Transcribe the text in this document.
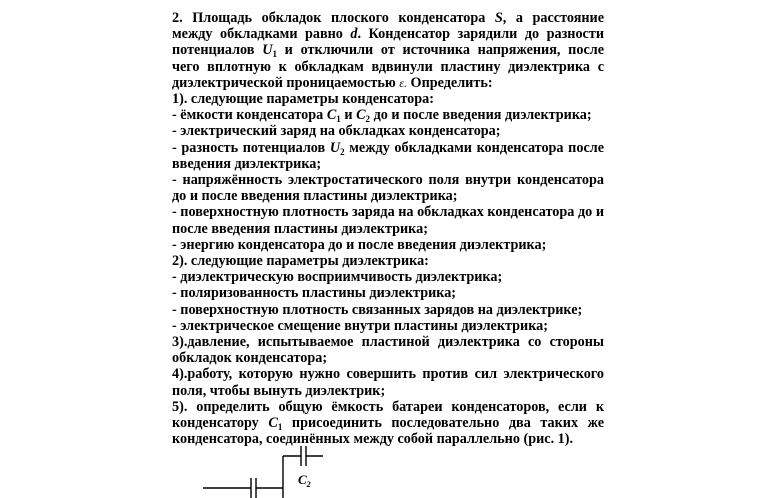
2. Площадь обкладок плоского конденсатора S, а расстояние между обкладками равно d. Конденсатор зарядили до разности потенциалов $U_1$ и отключили от источника напряжения, после чего вплотную к обкладкам вдвинули пластину диэлектрика с диэлектрической проницаемостью ε. Определить:

1). следующие параметры конденсатора:

- ёмкости конденсатора $C_1$ и $C_2$ до и после введения диэлектрика;

- электрический заряд на обкладках конденсатора;

- разность потенциалов $U_2$ между обкладками конденсатора после введения диэлектрика;

- напряжённость электростатического поля внутри конденсатора до и после введения пластины диэлектрика;

- поверхностную плотность заряда на обкладках конденсатора до и после введения пластины диэлектрика;

- энергию конденсатора до и после введения диэлектрика;

2). следующие параметры диэлектрика:

- диэлектрическую восприимчивость диэлектрика;

- поляризованность пластины диэлектрика;

- поверхностную плотность связанных зарядов на диэлектрике;

- электрическое смещение внутри пластины диэлектрика;

3).давление, испытываемое пластиной диэлектрика со стороны обкладок конденсатора;

4).работу, которую нужно совершить против сил электрического поля, чтобы вынуть диэлектрик;

5). определить общую ёмкость батареи конденсаторов, если к конденсатору $C_1$ присоединить последовательно два таких же конденсатора, соединённых между собой параллельно (рис. 1).

$C_2$
